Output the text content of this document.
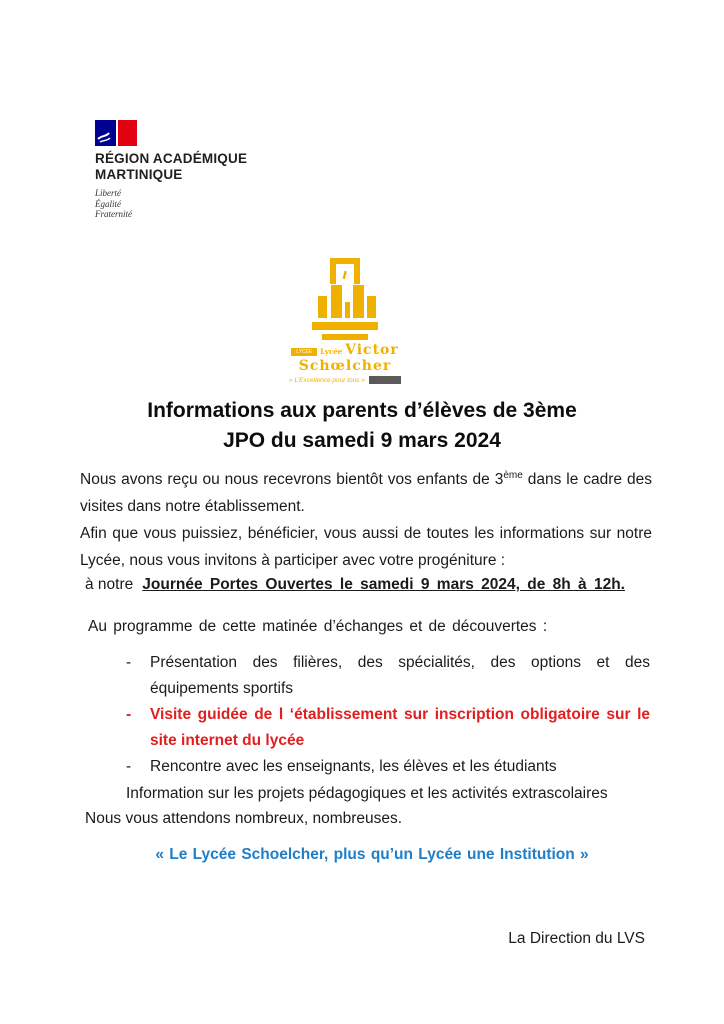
RÉGION ACADÉMIQUE
MARTINIQUE
Liberté
Égalité
Fraternité
LYCÉE	Lycée Victor
Schœlcher
« L’Excellence pour tous »
Informations aux parents d’élèves de 3ème
JPO du samedi 9 mars 2024
Nous avons reçu ou nous recevrons bientôt vos enfants de 3ème dans le cadre des visites dans notre établissement.
Afin que vous puissiez, bénéficier, vous aussi de toutes les informations sur notre Lycée, nous vous invitons à participer avec votre progéniture :
à notre Journée Portes Ouvertes le samedi 9 mars 2024, de 8h à 12h.
Au programme de cette matinée d’échanges et de découvertes :
-	Présentation des filières, des spécialités, des options et des équipements sportifs
-	Visite guidée de l ‘établissement sur inscription obligatoire sur le site internet du lycée
-	Rencontre avec les enseignants, les élèves et les étudiants
Information sur les projets pédagogiques et les activités extrascolaires
Nous vous attendons nombreux, nombreuses.
« Le Lycée Schoelcher, plus qu’un Lycée une Institution »
La Direction du LVS
